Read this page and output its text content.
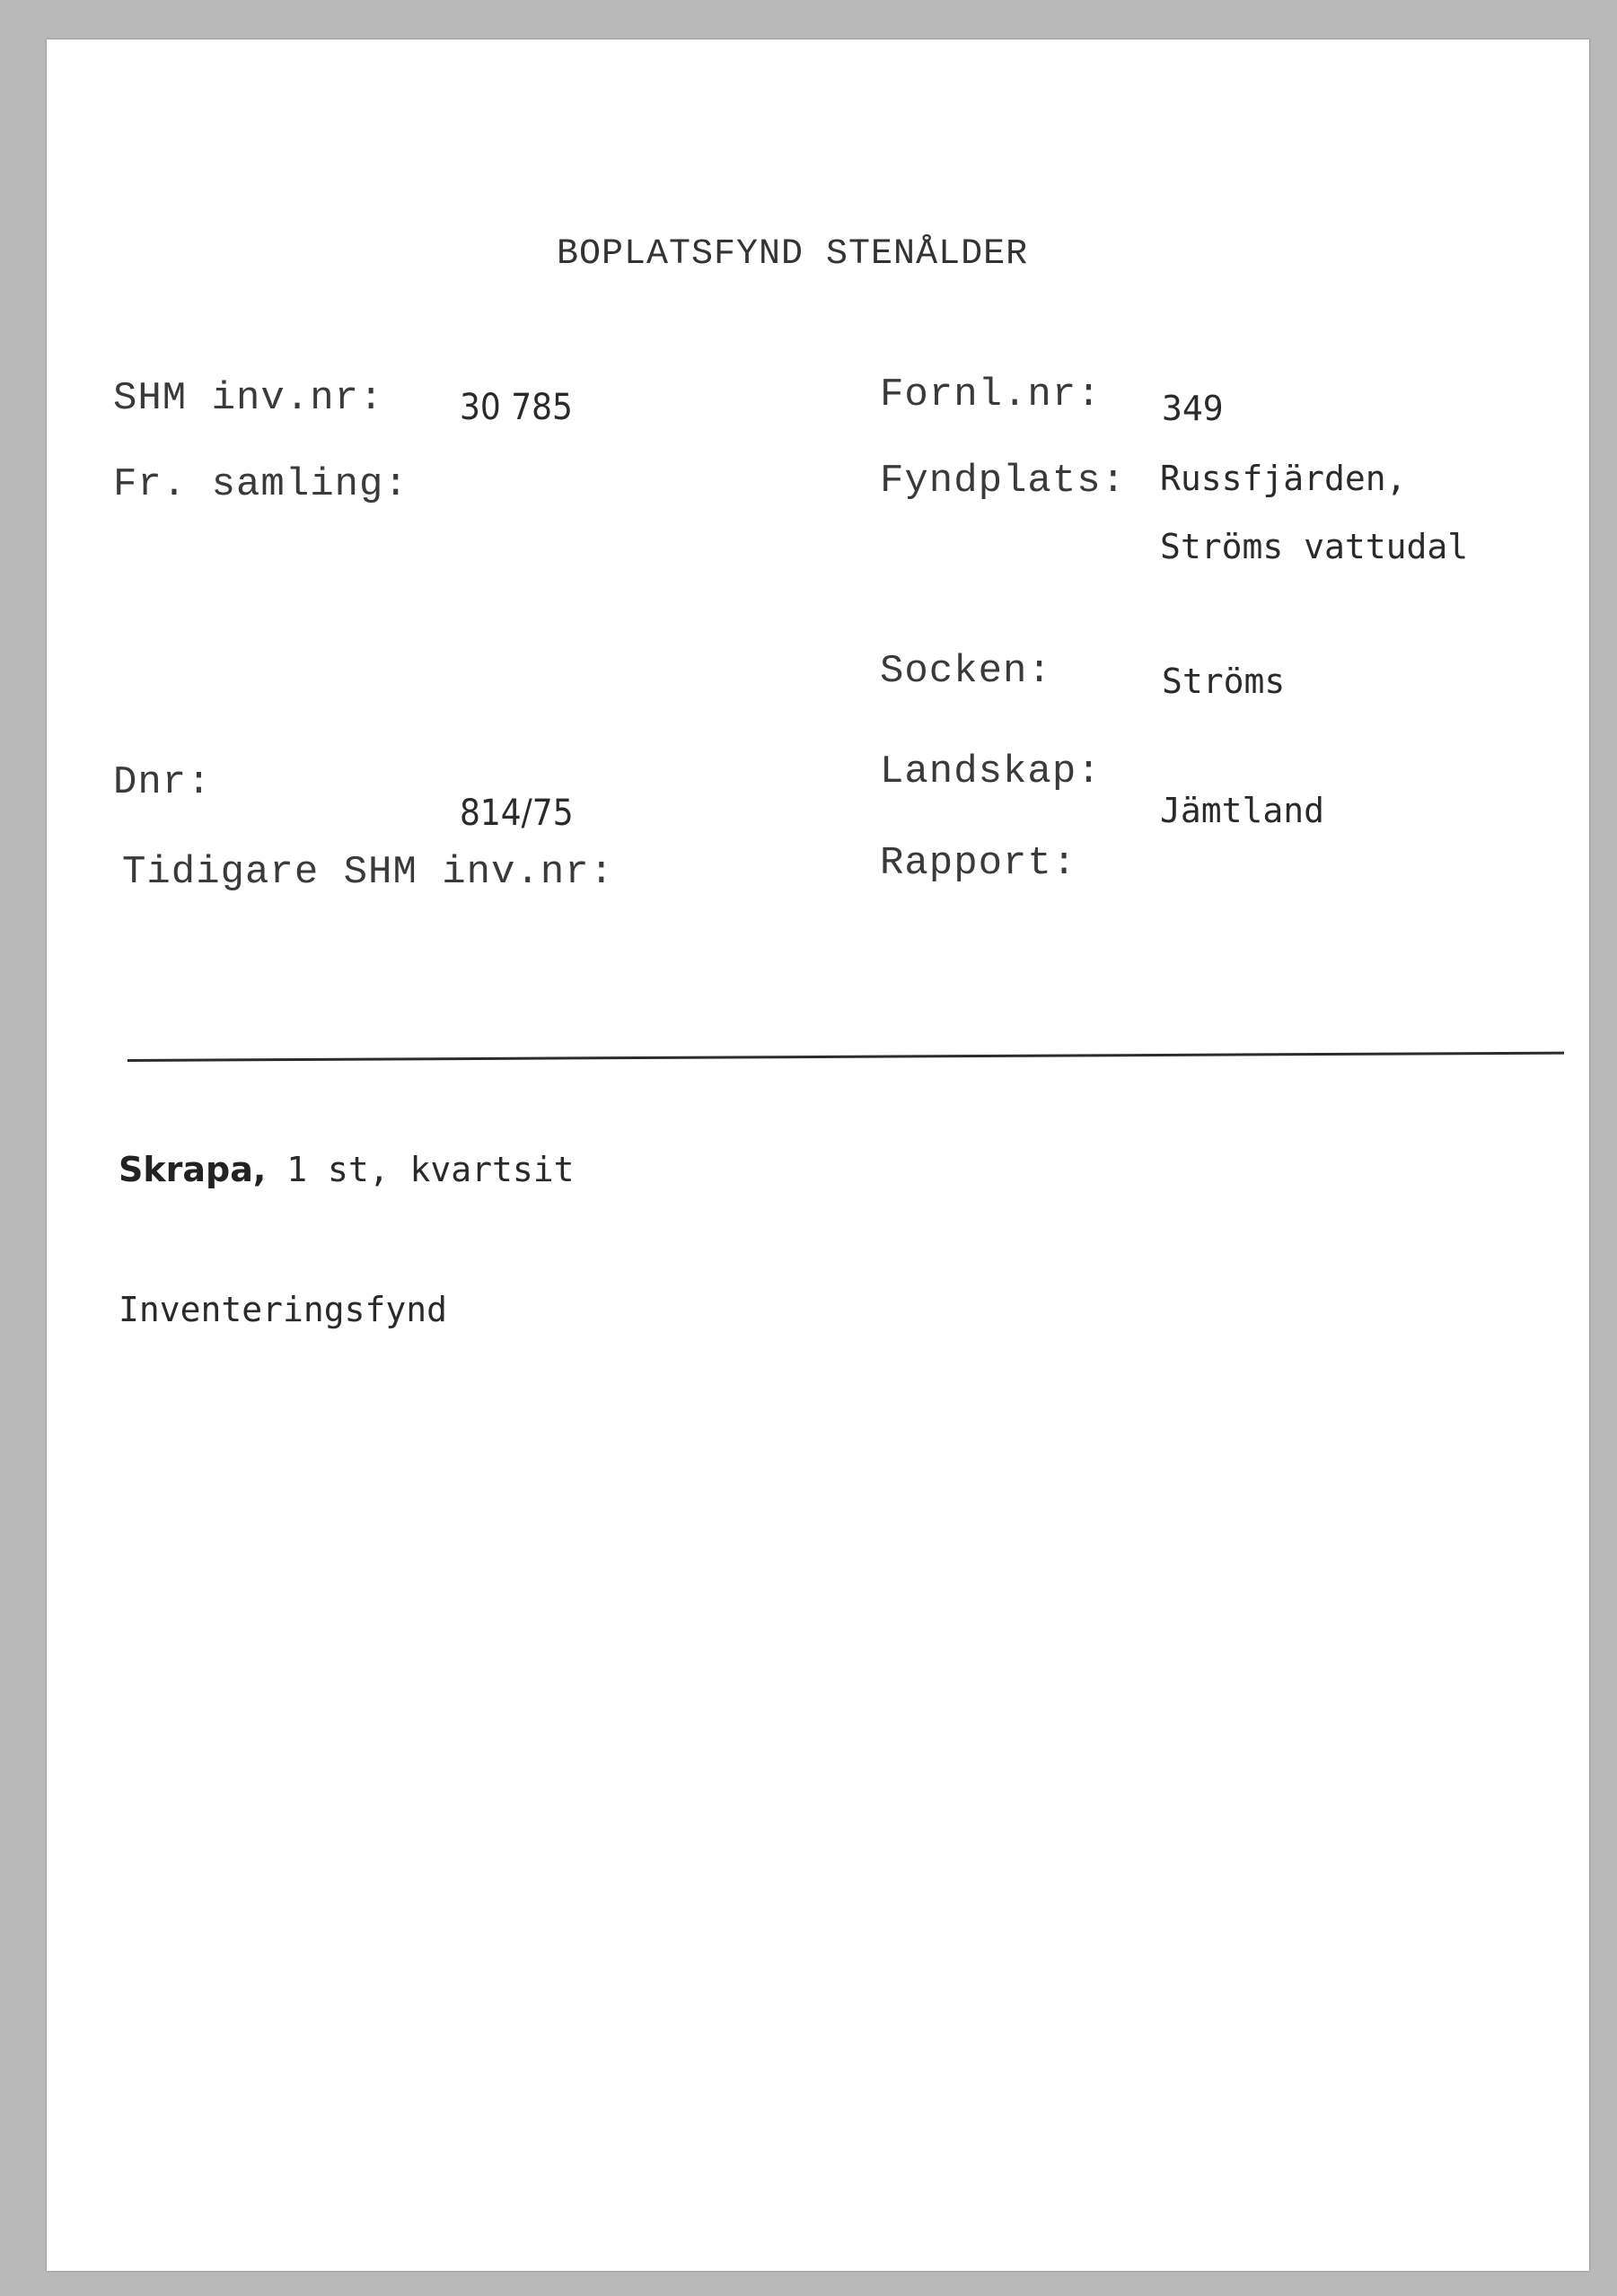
BOPLATSFYND STENÅLDER
SHM inv.nr: 30 785
Fr. samling:
Dnr:
814/75
Tidigare SHM inv.nr:
Fornl.nr: 349
Fyndplats: Russfjärden,
Ströms vattudal
Socken:	Ströms
Landskap:
Jämtland
Rapport:
Skrapa, 1 st, kvartsit
Inventeringsfynd
